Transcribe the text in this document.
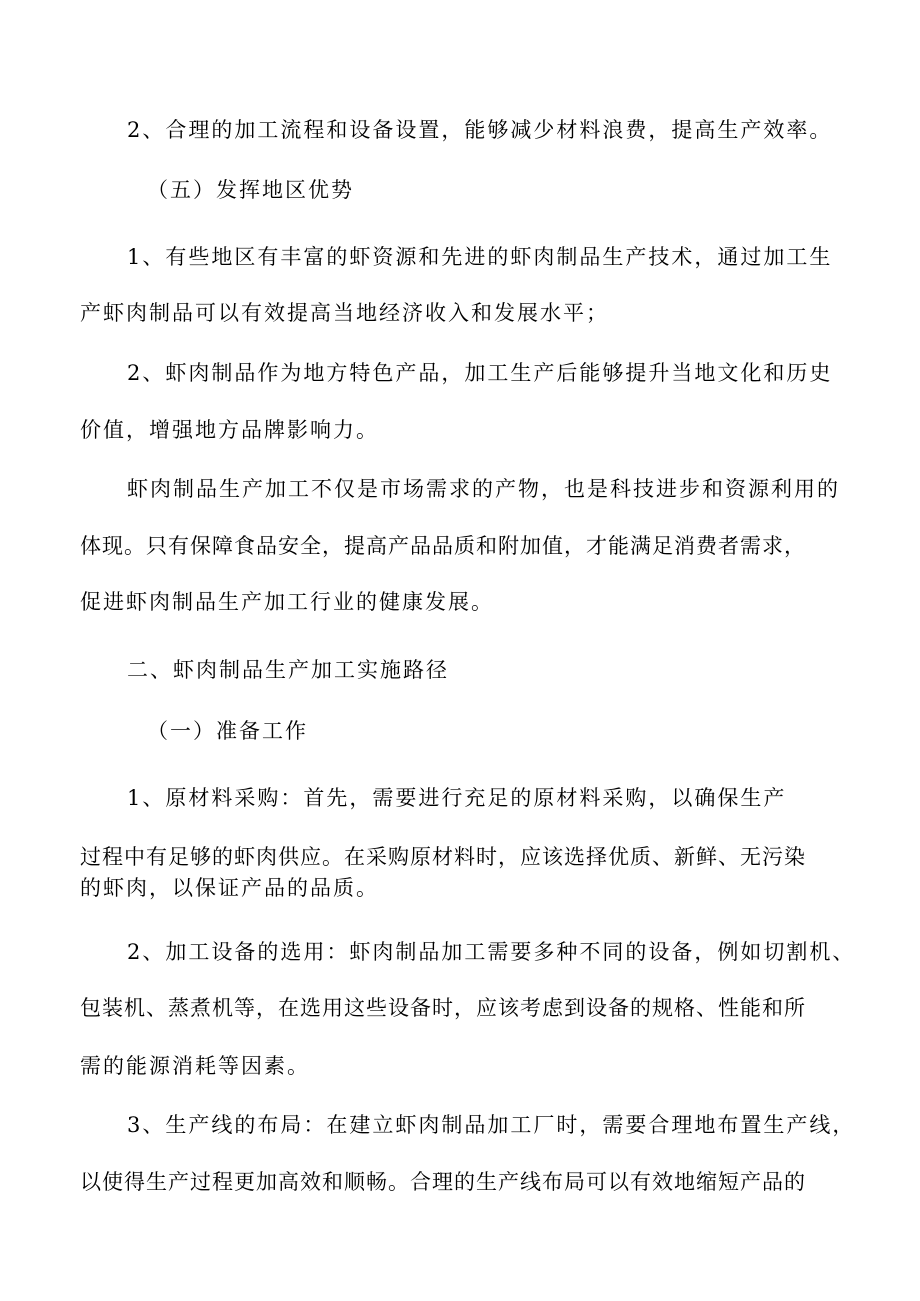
2、合理的加工流程和设备设置，能够减少材料浪费，提高生产效率。
（五）发挥地区优势
1、有些地区有丰富的虾资源和先进的虾肉制品生产技术，通过加工生
产虾肉制品可以有效提高当地经济收入和发展水平；
2、虾肉制品作为地方特色产品，加工生产后能够提升当地文化和历史
价值，增强地方品牌影响力。
虾肉制品生产加工不仅是市场需求的产物，也是科技进步和资源利用的
体现。只有保障食品安全，提高产品品质和附加值，才能满足消费者需求，
促进虾肉制品生产加工行业的健康发展。
二、虾肉制品生产加工实施路径
（一）准备工作
1、原材料采购：首先，需要进行充足的原材料采购，以确保生产
过程中有足够的虾肉供应。在采购原材料时，应该选择优质、新鲜、无污染
的虾肉，以保证产品的品质。
2、加工设备的选用：虾肉制品加工需要多种不同的设备，例如切割机、
包装机、蒸煮机等，在选用这些设备时，应该考虑到设备的规格、性能和所
需的能源消耗等因素。
3、生产线的布局：在建立虾肉制品加工厂时，需要合理地布置生产线，
以使得生产过程更加高效和顺畅。合理的生产线布局可以有效地缩短产品的
